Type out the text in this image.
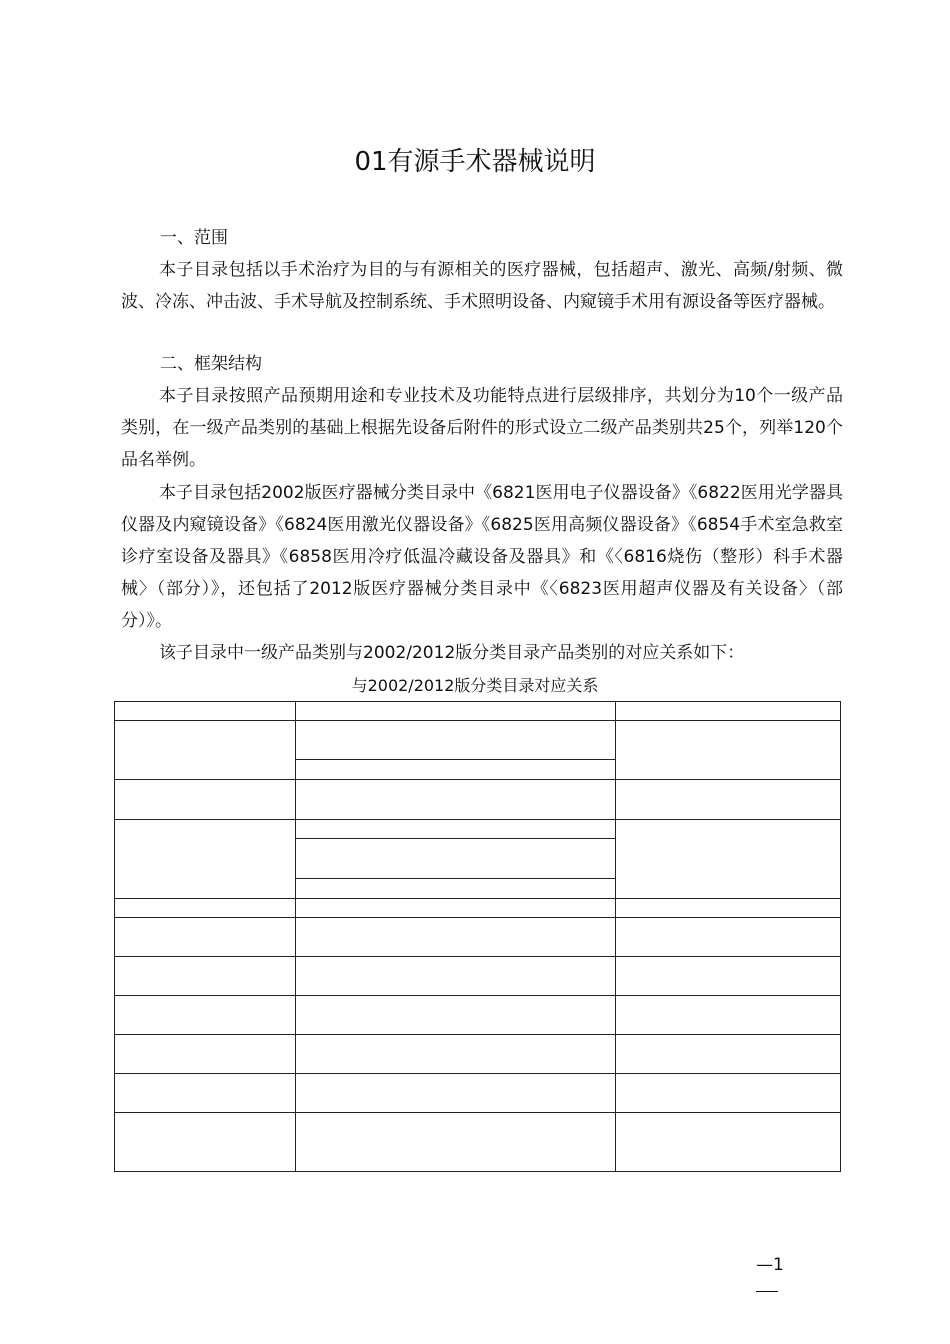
01有源手术器械说明
一、范围
本子目录包括以手术治疗为目的与有源相关的医疗器械，包括超声、激光、高频/射频、微波、冷冻、冲击波、手术导航及控制系统、手术照明设备、内窥镜手术用有源设备等医疗器械。
二、框架结构
本子目录按照产品预期用途和专业技术及功能特点进行层级排序，共划分为10个一级产品类别，在一级产品类别的基础上根据先设备后附件的形式设立二级产品类别共25个，列举120个品名举例。
本子目录包括2002版医疗器械分类目录中《6821医用电子仪器设备》《6822医用光学器具仪器及内窥镜设备》《6824医用激光仪器设备》《6825医用高频仪器设备》《6854手术室急救室诊疗室设备及器具》《6858医用冷疗低温冷藏设备及器具》和《〈6816烧伤（整形）科手术器械〉（部分）》，还包括了2012版医疗器械分类目录中《〈6823医用超声仪器及有关设备〉（部分）》。
该子目录中一级产品类别与2002/2012版分类目录产品类别的对应关系如下：
与2002/2012版分类目录对应关系
—1
